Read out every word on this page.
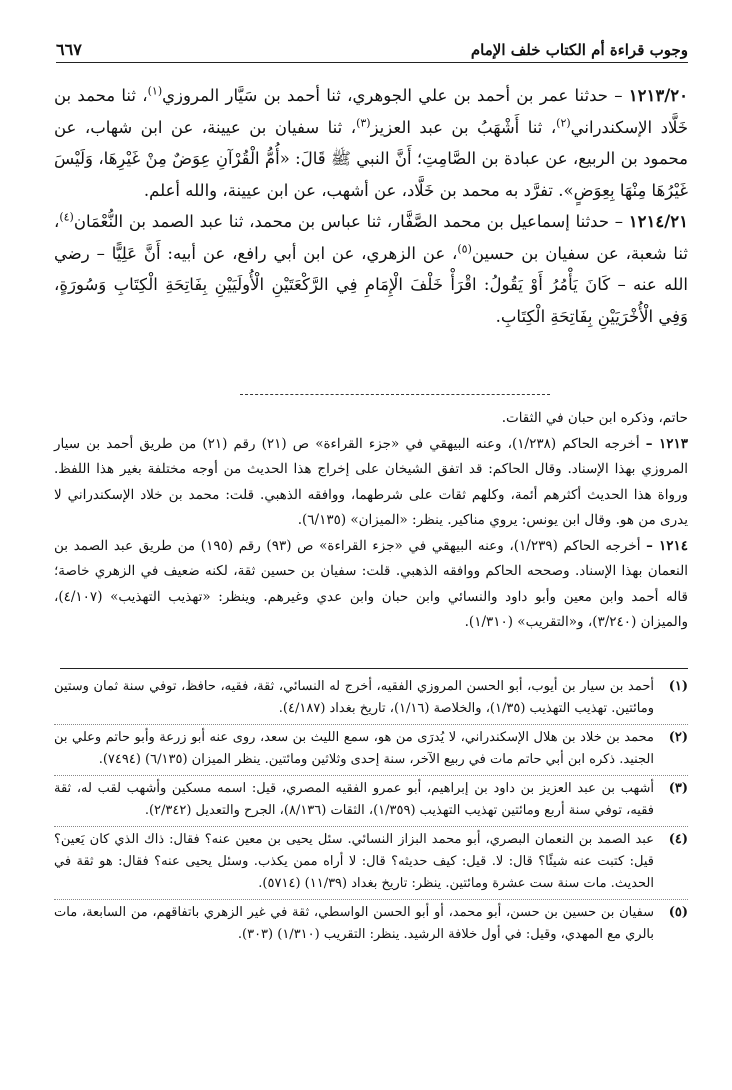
وجوب قراءة أم الكتاب خلف الإمام
٦٦٧

١٢١٣/٢٠ – حدثنا عمر بن أحمد بن علي الجوهري، ثنا أحمد بن سَيَّار المروزي$^{(١)}$، ثنا محمد بن خَلَّاد الإسكندراني$^{(٢)}$، ثنا أَشْهَبُ بن عبد العزيز$^{(٣)}$، ثنا سفيان بن عيينة، عن ابن شهاب، عن محمود بن الربيع، عن عبادة بن الصَّامِتِ؛ أَنَّ النبي ﷺ قَالَ: «أُمُّ الْقُرْآنِ عِوَضٌ مِنْ غَيْرِهَا، وَلَيْسَ غَيْرُهَا مِنْهَا بِعِوَضٍ». تفرَّد به محمد بن خَلَّاد، عن أشهب، عن ابن عيينة، والله أعلم.

١٢١٤/٢١ – حدثنا إسماعيل بن محمد الصَّفَّار، ثنا عباس بن محمد، ثنا عبد الصمد بن النُّعْمَان$^{(٤)}$، ثنا شعبة، عن سفيان بن حسين$^{(٥)}$، عن الزهري، عن ابن أبي رافع، عن أبيه: أَنَّ عَلِيًّا – رضي الله عنه – كَانَ يَأْمُرُ أَوْ يَقُولُ: اقْرَأْ خَلْفَ الْإِمَامِ فِي الرَّكْعَتَيْنِ الْأُولَيَيْنِ بِفَاتِحَةِ الْكِتَابِ وَسُورَةٍ، وَفِي الْأُخْرَيَيْنِ بِفَاتِحَةِ الْكِتَابِ.

حاتم، وذكره ابن حبان في الثقات.

١٢١٣ – أخرجه الحاكم (١/٢٣٨)، وعنه البيهقي في «جزء القراءة» ص (٢١) رقم (٢١) من طريق أحمد بن سيار المروزي بهذا الإسناد. وقال الحاكم: قد اتفق الشيخان على إخراج هذا الحديث من أوجه مختلفة بغير هذا اللفظ. ورواة هذا الحديث أكثرهم أئمة، وكلهم ثقات على شرطهما، ووافقه الذهبي. قلت: محمد بن خلاد الإسكندراني لا يدرى من هو. وقال ابن يونس: يروي مناكير. ينظر: «الميزان» (٦/١٣٥).

١٢١٤ – أخرجه الحاكم (١/٢٣٩)، وعنه البيهقي في «جزء القراءة» ص (٩٣) رقم (١٩٥) من طريق عبد الصمد بن النعمان بهذا الإسناد. وصححه الحاكم ووافقه الذهبي. قلت: سفيان بن حسين ثقة، لكنه ضعيف في الزهري خاصة؛ قاله أحمد وابن معين وأبو داود والنسائي وابن حبان وابن عدي وغيرهم. وينظر: «تهذيب التهذيب» (٤/١٠٧)، والميزان (٣/٢٤٠)، و«التقريب» (١/٣١٠).

(١)
أحمد بن سيار بن أيوب، أبو الحسن المروزي الفقيه، أخرج له النسائي، ثقة، فقيه، حافظ، توفي سنة ثمان وستين ومائتين. تهذيب التهذيب (١/٣٥)، والخلاصة (١/١٦)، تاريخ بغداد (٤/١٨٧).
(٢)
محمد بن خلاد بن هلال الإسكندراني، لا يُدرَى من هو، سمع الليث بن سعد، روى عنه أبو زرعة وأبو حاتم وعلي بن الجنيد. ذكره ابن أبي حاتم مات في ربيع الآخر، سنة إحدى وثلاثين ومائتين. ينظر الميزان (٦/١٣٥) (٧٤٩٤).
(٣)
أشهب بن عبد العزيز بن داود بن إبراهيم، أبو عمرو الفقيه المصري، قيل: اسمه مسكين وأشهب لقب له، ثقة فقيه، توفي سنة أربع ومائتين تهذيب التهذيب (١/٣٥٩)، الثقات (٨/١٣٦)، الجرح والتعديل (٢/٣٤٢).
(٤)
عبد الصمد بن النعمان البصري، أبو محمد البزاز النسائي. سئل يحيى بن معين عنه؟ فقال: ذاك الذي كان يَعين؟ قيل: كتبت عنه شيئًا؟ قال: لا. قيل: كيف حديثه؟ قال: لا أراه ممن يكذب. وسئل يحيى عنه؟ فقال: هو ثقة في الحديث. مات سنة ست عشرة ومائتين. ينظر: تاريخ بغداد (١١/٣٩) (٥٧١٤).
(٥)
سفيان بن حسين بن حسن، أبو محمد، أو أبو الحسن الواسطي، ثقة في غير الزهري باتفاقهم، من السابعة، مات بالري مع المهدي، وقيل: في أول خلافة الرشيد. ينظر: التقريب (١/٣١٠) (٣٠٣).
